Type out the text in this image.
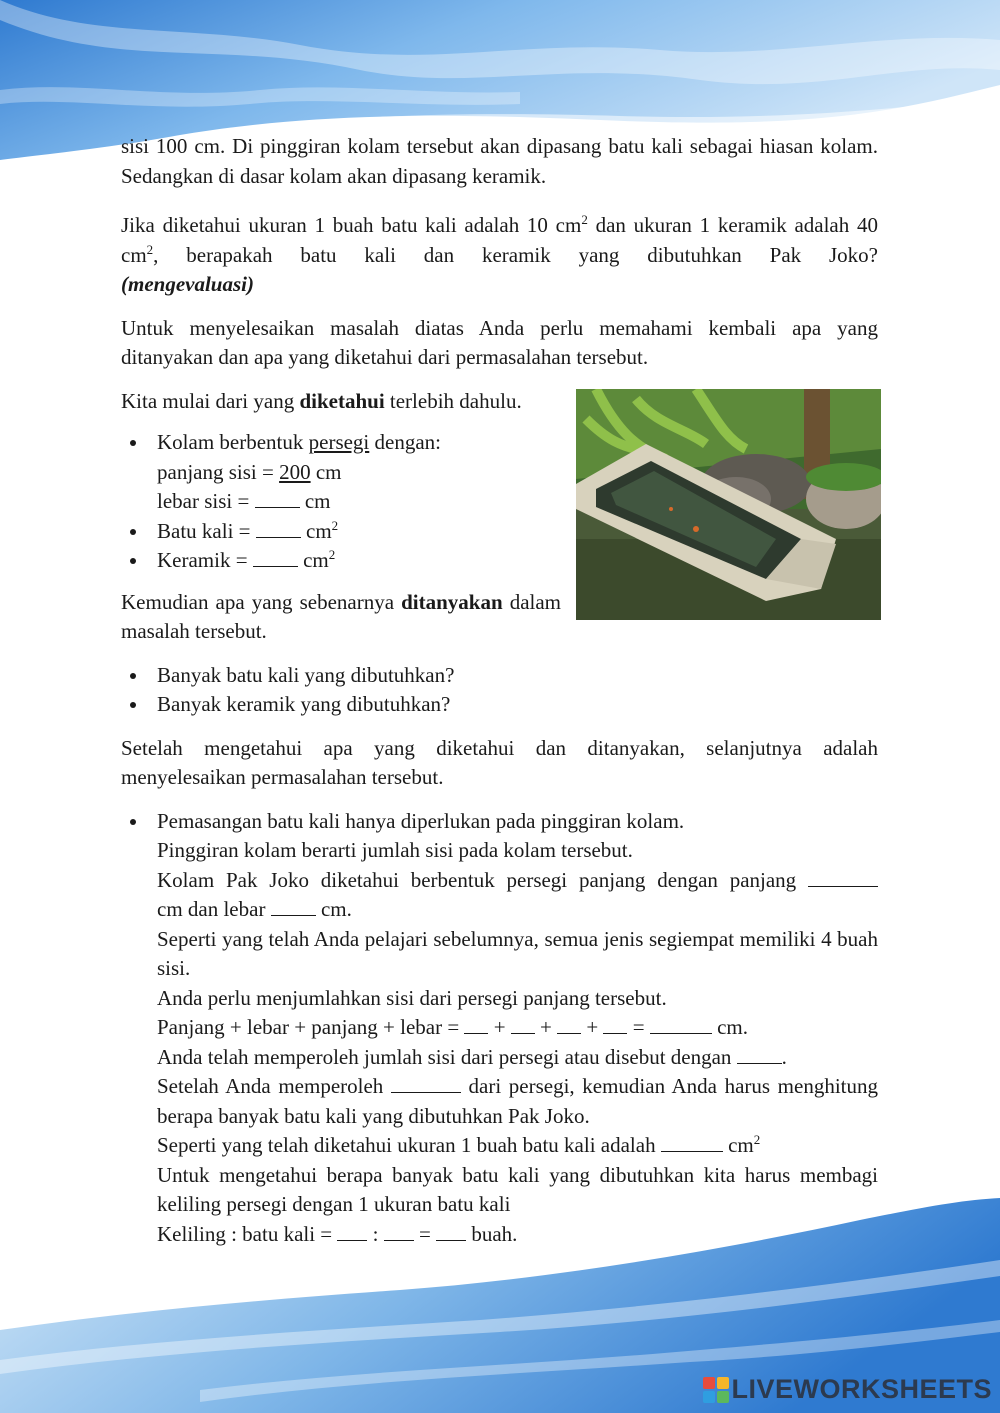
sisi 100 cm. Di pinggiran kolam tersebut akan dipasang batu kali sebagai hiasan kolam. Sedangkan di dasar kolam akan dipasang keramik.

Jika diketahui ukuran 1 buah batu kali adalah 10 $cm^2$ dan ukuran 1 keramik adalah 40 $cm^2$, berapakah batu kali dan keramik yang dibutuhkan Pak Joko?

(mengevaluasi)

Untuk menyelesaikan masalah diatas Anda perlu memahami kembali apa yang ditanyakan dan apa yang diketahui dari permasalahan tersebut.

Kita mulai dari yang diketahui terlebih dahulu.

Kolam berbentuk persegi dengan:
panjang sisi = 200 cm
lebar sisi =  cm
Batu kali =  $cm^2$
Keramik =  $cm^2$

Kemudian apa yang sebenarnya ditanyakan dalam masalah tersebut.

Banyak batu kali yang dibutuhkan?
Banyak keramik yang dibutuhkan?

Setelah mengetahui apa yang diketahui dan ditanyakan, selanjutnya adalah menyelesaikan permasalahan tersebut.

Pemasangan batu kali hanya diperlukan pada pinggiran kolam.
Pinggiran kolam berarti jumlah sisi pada kolam tersebut.
Kolam Pak Joko diketahui berbentuk persegi panjang dengan panjang
cm dan lebar	cm.

Seperti yang telah Anda pelajari sebelumnya, semua jenis segiempat memiliki 4 buah sisi.

Anda perlu menjumlahkan sisi dari persegi panjang tersebut.
Panjang + lebar + panjang + lebar =  +  +  +  =	cm.
Anda telah memperoleh jumlah sisi dari persegi atau disebut dengan .

Setelah Anda memperoleh	dari persegi, kemudian Anda harus menghitung berapa banyak batu kali yang dibutuhkan Pak Joko.

Seperti yang telah diketahui ukuran 1 buah batu kali adalah	$cm^2$

Untuk mengetahui berapa banyak batu kali yang dibutuhkan kita harus membagi keliling persegi dengan 1 ukuran batu kali

Keliling : batu kali =  :  =  buah.
LIVEWORKSHEETS
